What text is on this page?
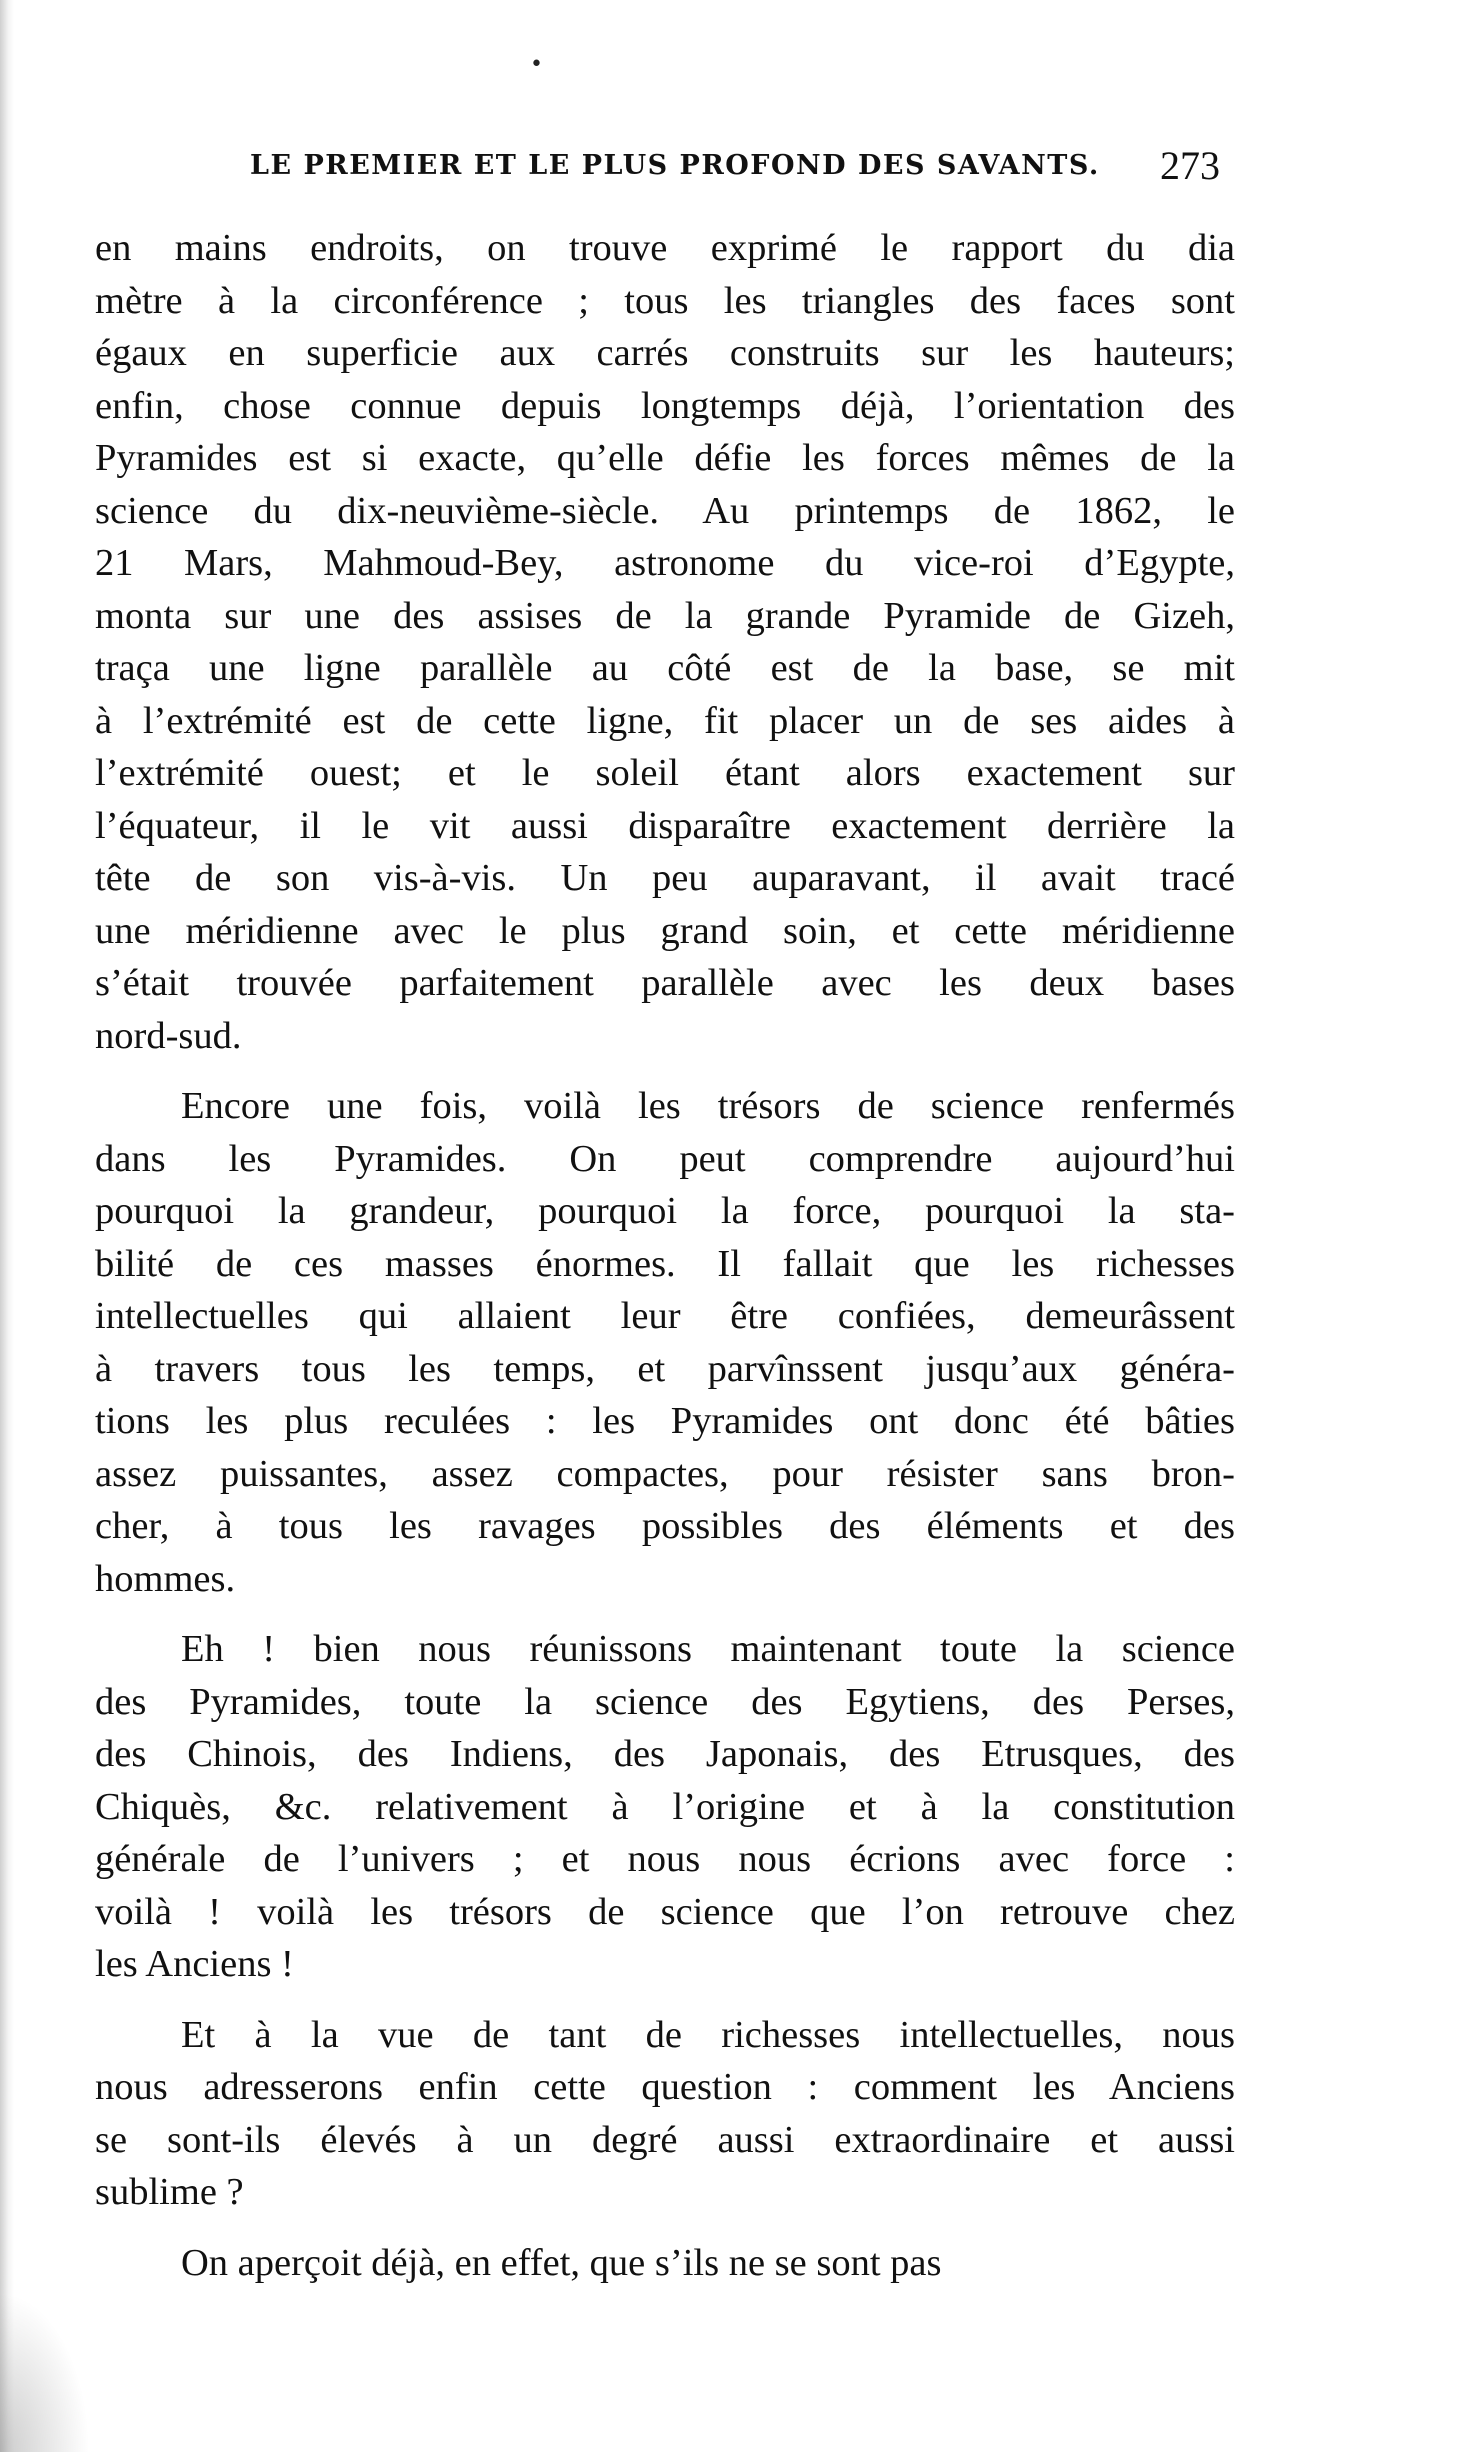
•
LE PREMIER ET LE PLUS PROFOND DES SAVANTS. 273
en mains endroits, on trouve exprimé le rapport du dia
mètre à la circonférence ; tous les triangles des faces sont
égaux en superficie aux carrés construits sur les hauteurs;
enfin, chose connue depuis longtemps déjà, l’orientation des
Pyramides est si exacte, qu’elle défie les forces mêmes de la
science du dix-neuvième-siècle. Au printemps de 1862, le
21 Mars, Mahmoud-Bey, astronome du vice-roi d’Egypte,
monta sur une des assises de la grande Pyramide de Gizeh,
traça une ligne parallèle au côté est de la base, se mit
à l’extrémité est de cette ligne, fit placer un de ses aides à
l’extrémité ouest; et le soleil étant alors exactement sur
l’équateur, il le vit aussi disparaître exactement derrière la
tête de son vis-à-vis. Un peu auparavant, il avait tracé
une méridienne avec le plus grand soin, et cette méridienne
s’était trouvée parfaitement parallèle avec les deux bases
nord-sud.
Encore une fois, voilà les trésors de science renfermés
dans les Pyramides. On peut comprendre aujourd’hui
pourquoi la grandeur, pourquoi la force, pourquoi la sta-
bilité de ces masses énormes. Il fallait que les richesses
intellectuelles qui allaient leur être confiées, demeurâssent
à travers tous les temps, et parvînssent jusqu’aux généra-
tions les plus reculées : les Pyramides ont donc été bâties
assez puissantes, assez compactes, pour résister sans bron-
cher, à tous les ravages possibles des éléments et des
hommes.
Eh ! bien nous réunissons maintenant toute la science
des Pyramides, toute la science des Egytiens, des Perses,
des Chinois, des Indiens, des Japonais, des Etrusques, des
Chiquès, &c. relativement à l’origine et à la constitution
générale de l’univers ; et nous nous écrions avec force :
voilà ! voilà les trésors de science que l’on retrouve chez
les Anciens !
Et à la vue de tant de richesses intellectuelles, nous
nous adresserons enfin cette question : comment les Anciens
se sont-ils élevés à un degré aussi extraordinaire et aussi
sublime ?
On aperçoit déjà, en effet, que s’ils ne se sont pas
